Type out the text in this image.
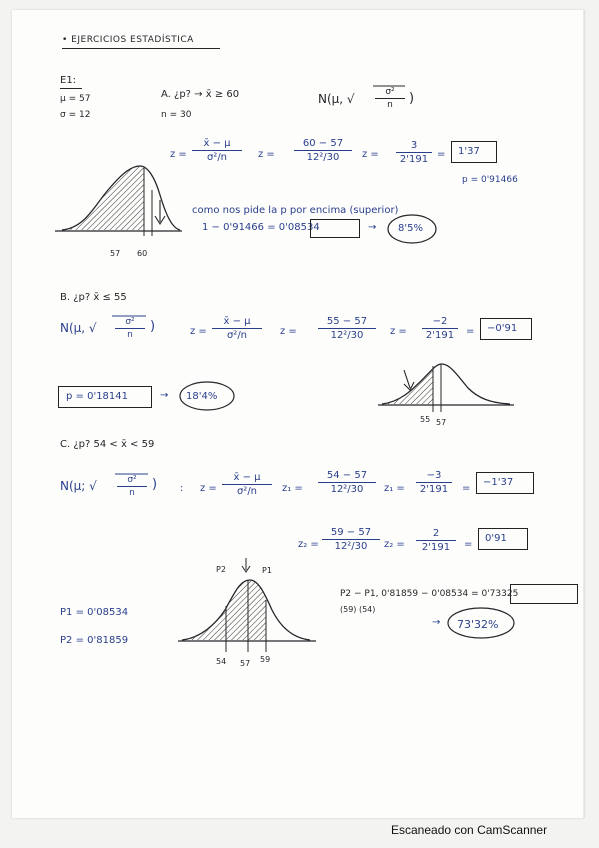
• EJERCICIOS ESTADÍSTICA
E1:
µ = 57
σ = 12
A. ¿p? → x̄ ≥ 60
n = 30
N(µ, √ $\frac{\text{σ²}}{n}$ )
z =
x̄ − µ
σ²/n	$z = \frac{60 - 57}{\text{12²/30}}$ $z = \frac{3}{2'191} = 1'37$
p = 0'91466
como nos pide la p por encima (superior)
1 − 0'91466 = 0'08534	→ 8'5%
B. ¿p? x̄ ≤ 55
N(µ, √ $\frac{\text{σ²}}{n}$ )	z =
x̄ − µ
σ²/n	$z = \frac{55 - 57}{\text{12²/30}}$ $z = \frac{-2}{2'191} = -0'91$
p = 0'18141	→ 18'4%
C. ¿p? 54 < x̄ < 59
N(µ; √ $\frac{\text{σ²}}{n}$ ) : z =
x̄ − µ
σ²/n	$z_1 = \frac{54 - 57}{\text{12²/30}} z_1 = \frac{-3}{2'191}$ =
−1'37
$z_2 = \frac{59 - 57}{\text{12²/30}} z_2 = \frac{2}{2'191}$ =
0'91
P1 = 0'08534
P2 = 0'81859
P2 − P1, 0'81859 − 0'08534 = 0'73325
(59) (54)
→ 73'32%
57 60
55 57
54 57 59
P2	P1
Escaneado con CamScanner
